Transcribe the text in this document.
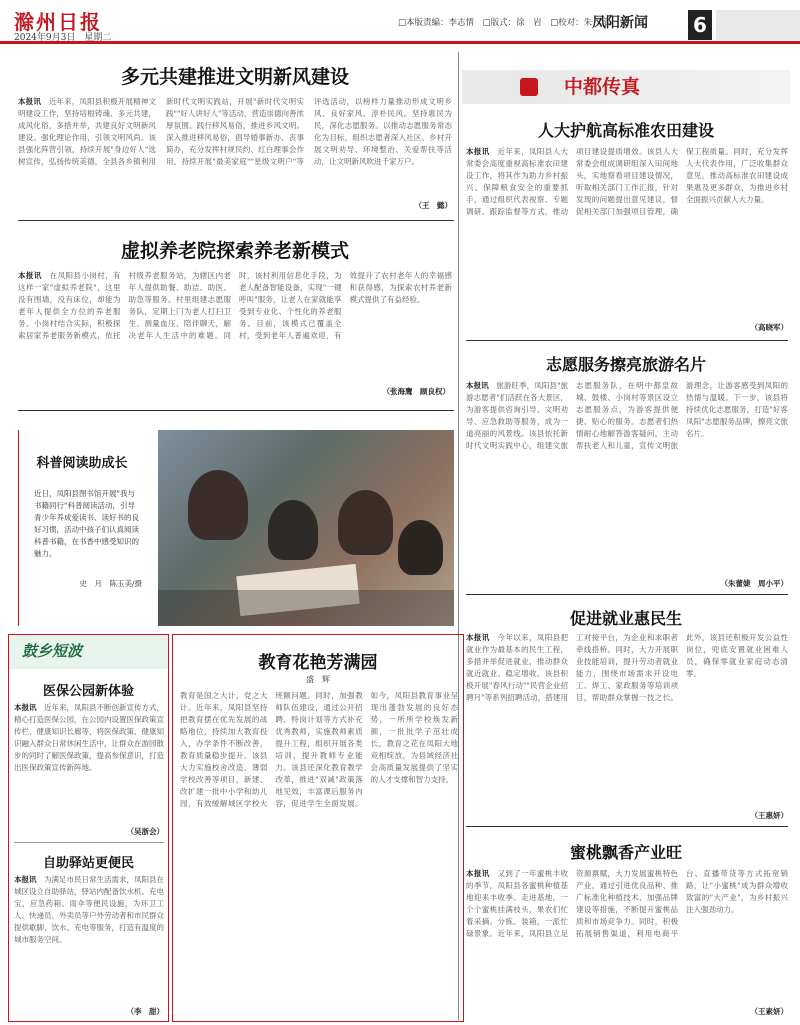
滁州日报
2024年9月3日　星期二
□本版责编：李志情　□版式：徐　岩　□校对：朱　宾
凤阳新闻 6
多元共建推进文明新风建设
本报讯　 近年来，凤阳县积极开展精神文明建设工作，坚持培根铸魂、多元共建，成风化俗，多措并举，共建良好文明新风建设。强化理论作用，引领文明风尚。该县强化阵营引领，持续开展"身边好人"选树宣传，弘扬传统美德，全县各乡镇利用新时代文明实践站，开展"新时代文明实践""好人讲好人"等活动，营造崇德向善浓厚氛围。践行移风易俗，推进乡风文明。深入推进移风易俗，倡导婚事新办、丧事简办，充分发挥村规民约、红白理事会作用，持续开展"最美家庭""星级文明户"等评选活动，以榜样力量推动形成文明乡风、良好家风、淳朴民风。坚持惠民为民，深化志愿服务。以推动志愿服务常态化为目标，组织志愿者深入社区、乡村开展文明劝导、环境整治、关爱帮扶等活动，让文明新风吹进千家万户。
（王　懿）
虚拟养老院探索养老新模式
本报讯　 在凤阳县小岗村，有这样一家"虚拟养老院"，这里没有围墙，没有床位，却能为老年人提供全方位的养老服务。小岗村结合实际，积极探索居家养老服务新模式，依托村级养老服务站，为辖区内老年人提供助餐、助洁、助医、助急等服务。村里组建志愿服务队，定期上门为老人打扫卫生、测量血压、陪伴聊天，解决老年人生活中的难题。同时，该村利用信息化手段，为老人配备智能设备，实现"一键呼叫"服务，让老人在家就能享受到专业化、个性化的养老服务。目前，该模式已覆盖全村，受到老年人普遍欢迎，有效提升了农村老年人的幸福感和获得感，为探索农村养老新模式提供了有益经验。
（张海鹰　顾良权）
科普阅读助成长
近日，凤阳县图书馆开展"我与书籍同行"科普阅读活动，引导青少年养成爱读书、读好书的良好习惯，活动中孩子们认真阅读科普书籍，在书香中感受知识的魅力。
史　月　陈玉美/摄
中都传真
人大护航高标准农田建设
本报讯　 近年来，凤阳县人大常委会高度重视高标准农田建设工作，将其作为助力乡村振兴、保障粮食安全的重要抓手，通过组织代表视察、专题调研、跟踪监督等方式，推动项目建设提质增效。该县人大常委会组成调研组深入田间地头，实地察看项目建设情况，听取相关部门工作汇报，针对发现的问题提出意见建议，督促相关部门加强项目管理，确保工程质量。同时，充分发挥人大代表作用，广泛收集群众意见，推动高标准农田建设成果惠及更多群众，为推进乡村全面振兴贡献人大力量。
（高晓军）
志愿服务擦亮旅游名片
本报讯　 旅游旺季，凤阳县"旅游志愿者"们活跃在各大景区，为游客提供咨询引导、文明劝导、应急救助等服务，成为一道亮丽的风景线。该县依托新时代文明实践中心，组建文旅志愿服务队，在明中都皇故城、鼓楼、小岗村等景区设立志愿服务点，为游客提供便捷、贴心的服务。志愿者们热情耐心地解答游客疑问，主动帮扶老人和儿童，宣传文明旅游理念，让游客感受到凤阳的热情与温暖。下一步，该县将持续优化志愿服务，打造"好客凤阳"志愿服务品牌，擦亮文旅名片。
（朱蕾婕　周小平）
促进就业惠民生
本报讯　 今年以来，凤阳县把就业作为最基本的民生工程，多措并举促进就业，推动群众就近就业、稳定增收。该县积极开展"春风行动""民营企业招聘月"等系列招聘活动，搭建用工对接平台，为企业和求职者牵线搭桥。同时，大力开展职业技能培训，提升劳动者就业能力，围绕市场需求开设电工、焊工、家政服务等培训项目，帮助群众掌握一技之长。此外，该县还积极开发公益性岗位，兜底安置就业困难人员，确保零就业家庭动态清零。
（王惠妍）
蜜桃飘香产业旺
本报讯　 又到了一年蜜桃丰收的季节，凤阳县各蜜桃种植基地迎来丰收季。走进基地，一个个蜜桃挂满枝头，果农们忙着采摘、分拣、装箱，一派忙碌景象。近年来，凤阳县立足资源禀赋，大力发展蜜桃特色产业，通过引进优良品种、推广标准化种植技术、加强品牌建设等措施，不断提升蜜桃品质和市场竞争力。同时，积极拓展销售渠道，利用电商平台、直播带货等方式拓宽销路，让"小蜜桃"成为群众增收致富的"大产业"，为乡村振兴注入强劲动力。
（王素妍）
鼓乡短波
医保公园新体验
本报讯　 近年来，凤阳县不断创新宣传方式，精心打造医保公园，在公园内设置医保政策宣传栏、健康知识长廊等，将医保政策、健康知识融入群众日常休闲生活中，让群众在游园散步的同时了解医保政策，提高参保意识，打造出医保政策宣传新阵地。
（吴浙会）
自助驿站更便民
本报讯　 为满足市民日常生活需求，凤阳县在城区设立自助驿站，驿站内配备饮水机、充电宝、应急药箱、雨伞等便民设施，为环卫工人、快递员、外卖员等户外劳动者和市民群众提供歇脚、饮水、充电等服务，打造有温度的城市服务空间。
（李　甜）
教育花艳芳满园
盛　辉
教育是国之大计，党之大计。近年来，凤阳县坚持把教育摆在优先发展的战略地位，持续加大教育投入，办学条件不断改善，教育质量稳步提升。该县大力实施校舍改造、薄弱学校改善等项目，新建、改扩建一批中小学和幼儿园，有效缓解城区学校大班额问题。同时，加强教师队伍建设，通过公开招聘、特岗计划等方式补充优秀教师，实施教师素质提升工程，组织开展各类培训，提升教师专业能力。该县还深化教育教学改革，推进"双减"政策落地见效，丰富课后服务内容，促进学生全面发展。如今，凤阳县教育事业呈现出蓬勃发展的良好态势，一所所学校焕发新颜，一批批学子茁壮成长，教育之花在凤阳大地竞相绽放，为县域经济社会高质量发展提供了坚实的人才支撑和智力支持。
